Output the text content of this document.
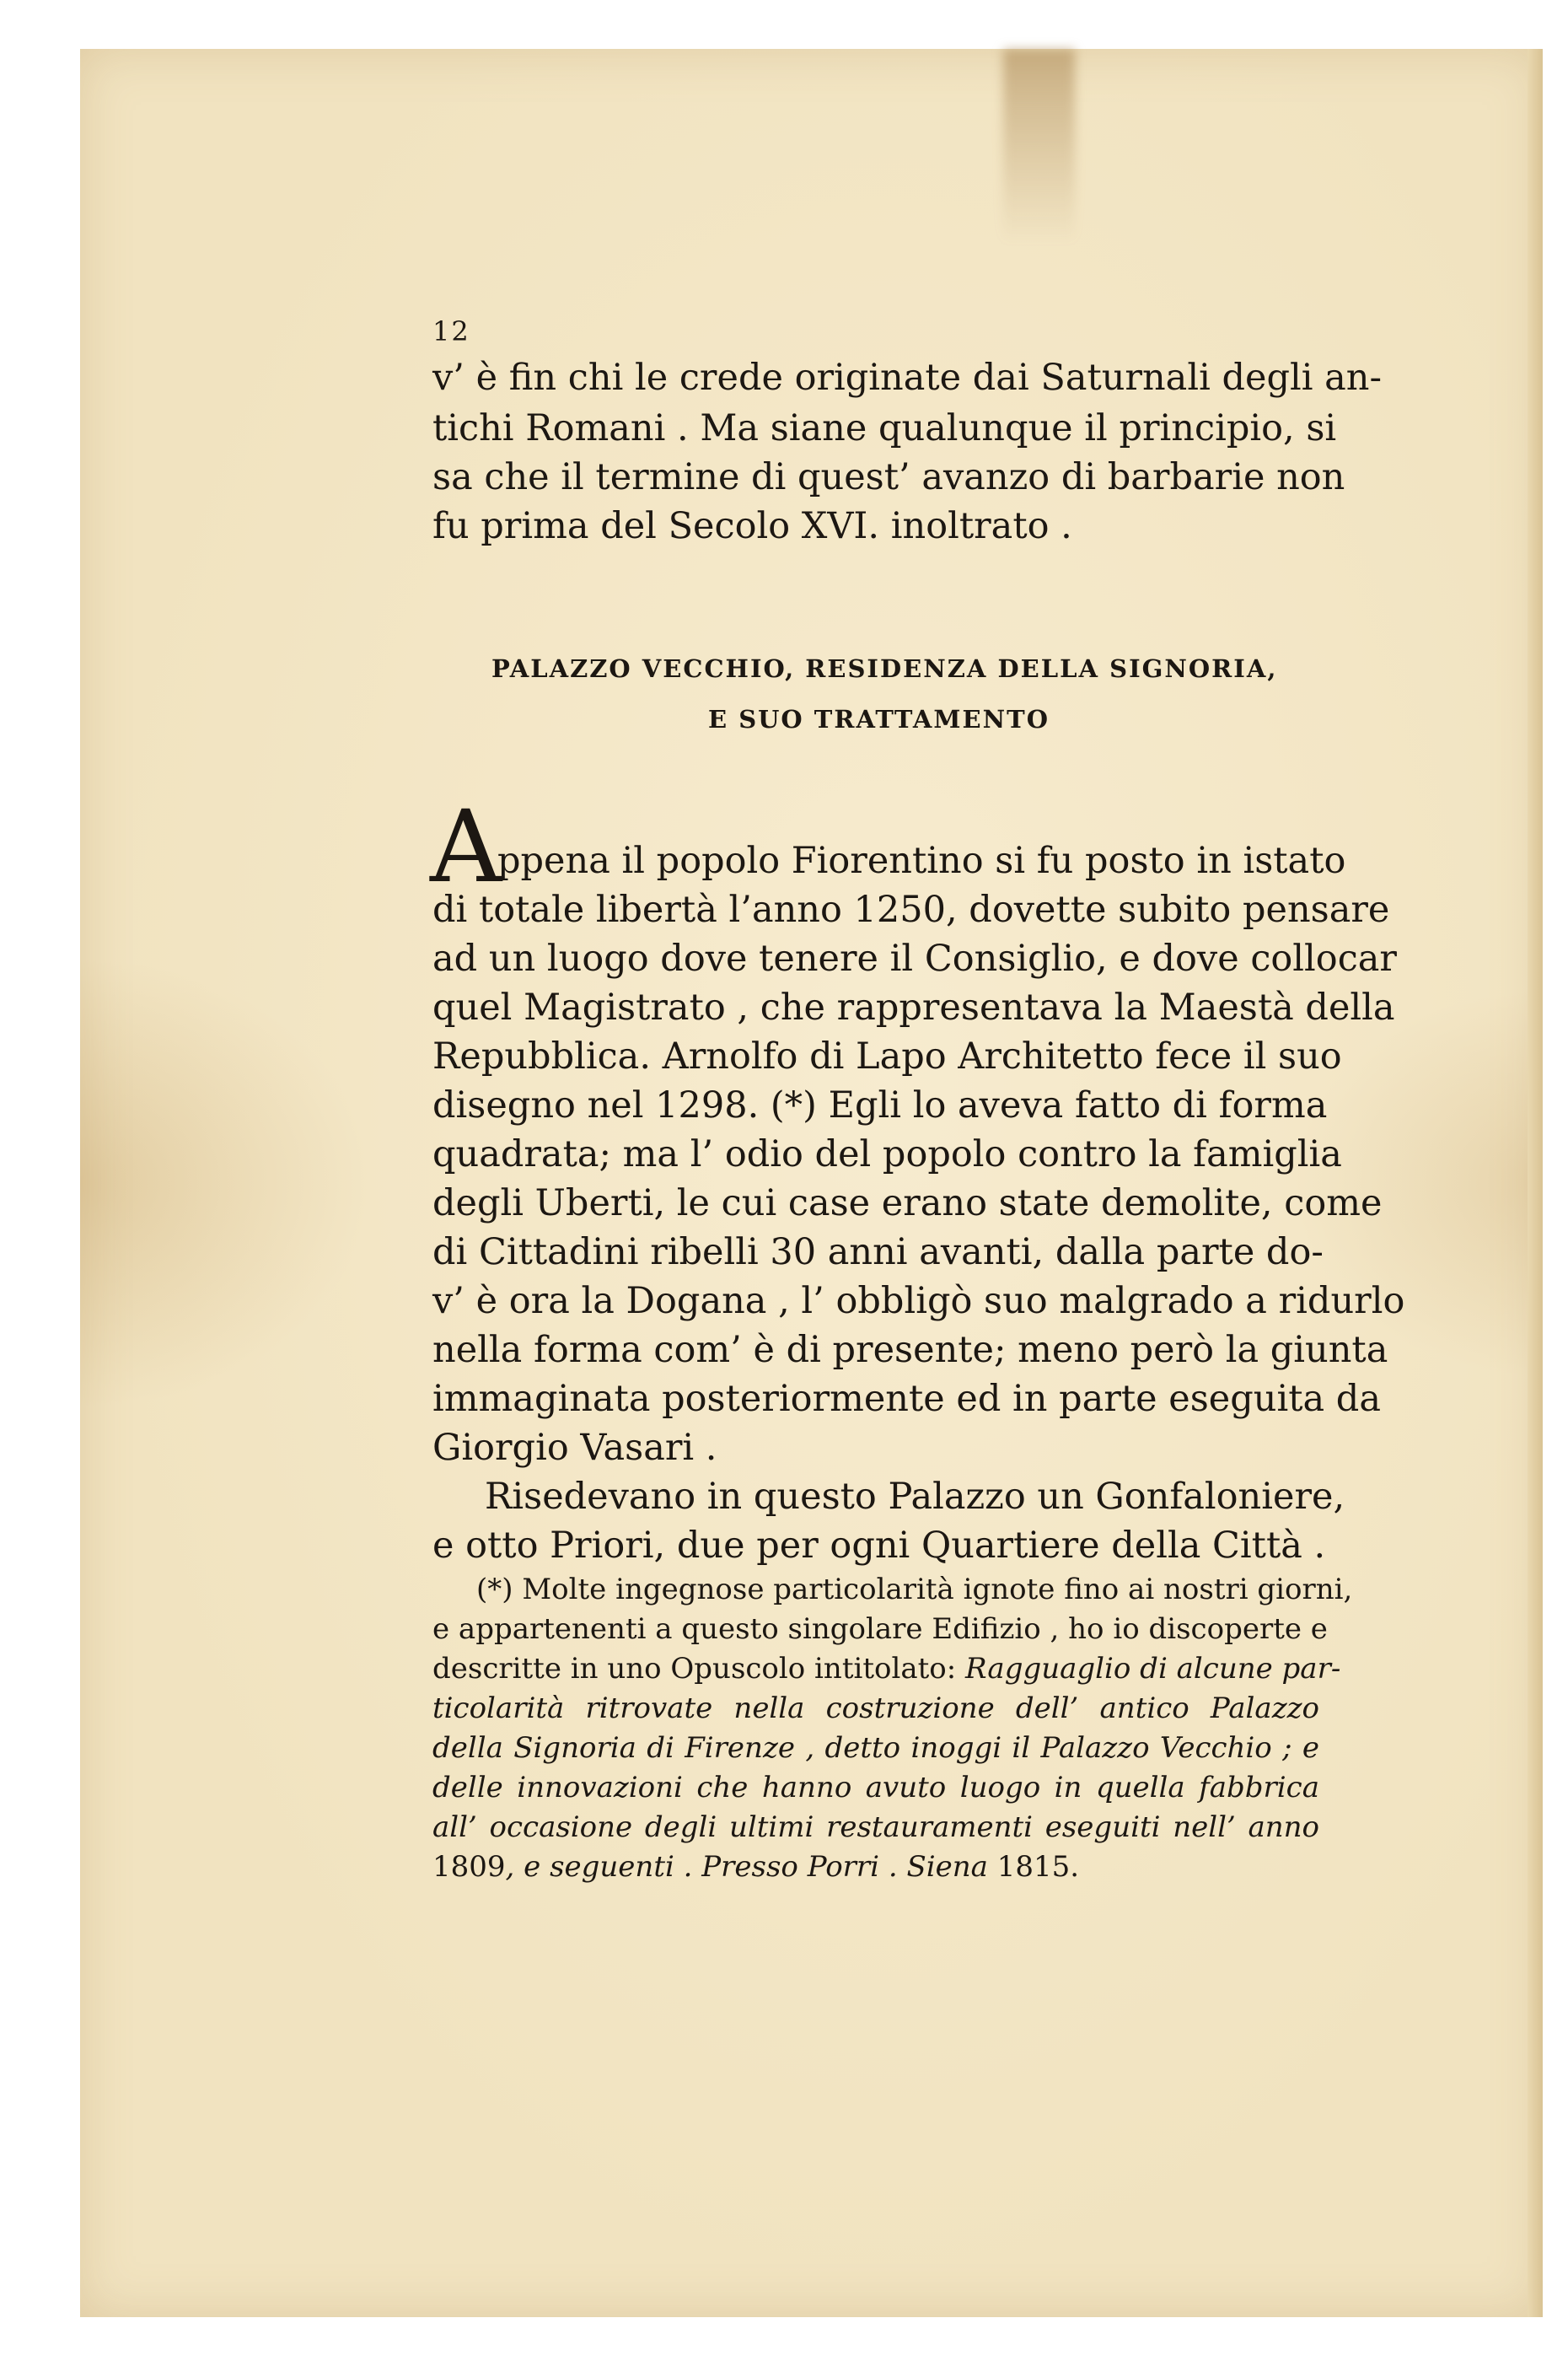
12
v’ è fin chi le crede originate dai Saturnali degli an-
tichi Romani . Ma siane qualunque il principio, si
sa che il termine di quest’ avanzo di barbarie non
fu prima del Secolo XVI. inoltrato .
PALAZZO VECCHIO, RESIDENZA DELLA SIGNORIA,
E SUO TRATTAMENTO
A
ppena il popolo Fiorentino si fu posto in istato
di totale libertà l’anno 1250, dovette subito pensare
ad un luogo dove tenere il Consiglio, e dove collocar
quel Magistrato , che rappresentava la Maestà della
Repubblica. Arnolfo di Lapo Architetto fece il suo
disegno nel 1298. (*) Egli lo aveva fatto di forma
quadrata; ma l’ odio del popolo contro la famiglia
degli Uberti, le cui case erano state demolite, come
di Cittadini ribelli 30 anni avanti, dalla parte do-
v’ è ora la Dogana , l’ obbligò suo malgrado a ridurlo
nella forma com’ è di presente; meno però la giunta
immaginata posteriormente ed in parte eseguita da
Giorgio Vasari .
Risedevano in questo Palazzo un Gonfaloniere,
e otto Priori, due per ogni Quartiere della Città .
(*) Molte ingegnose particolarità ignote fino ai nostri giorni,
e appartenenti a questo singolare Edifizio , ho io discoperte e
descritte in uno Opuscolo intitolato: Ragguaglio di alcune par-
ticolarità ritrovate nella costruzione dell’ antico Palazzo
della Signoria di Firenze , detto inoggi il Palazzo Vecchio ; e
delle innovazioni che hanno avuto luogo in quella fabbrica
all’ occasione degli ultimi restauramenti eseguiti nell’ anno
1809, e seguenti . Presso Porri . Siena 1815.
